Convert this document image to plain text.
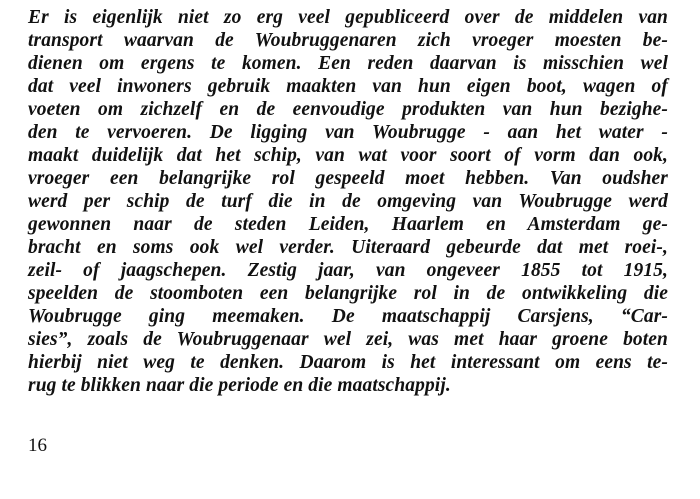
Er is eigenlijk niet zo erg veel gepubliceerd over de middelen van
transport waarvan de Woubruggenaren zich vroeger moesten be-
dienen om ergens te komen. Een reden daarvan is misschien wel
dat veel inwoners gebruik maakten van hun eigen boot, wagen of
voeten om zichzelf en de eenvoudige produkten van hun bezighe-
den te vervoeren. De ligging van Woubrugge - aan het water -
maakt duidelijk dat het schip, van wat voor soort of vorm dan ook,
vroeger een belangrijke rol gespeeld moet hebben. Van oudsher
werd per schip de turf die in de omgeving van Woubrugge werd
gewonnen naar de steden Leiden, Haarlem en Amsterdam ge-
bracht en soms ook wel verder. Uiteraard gebeurde dat met roei-,
zeil- of jaagschepen. Zestig jaar, van ongeveer 1855 tot 1915,
speelden de stoomboten een belangrijke rol in de ontwikkeling die
Woubrugge ging meemaken. De maatschappij Carsjens, “Car-
sies”, zoals de Woubruggenaar wel zei, was met haar groene boten
hierbij niet weg te denken. Daarom is het interessant om eens te-
rug te blikken naar die periode en die maatschappij.
16
